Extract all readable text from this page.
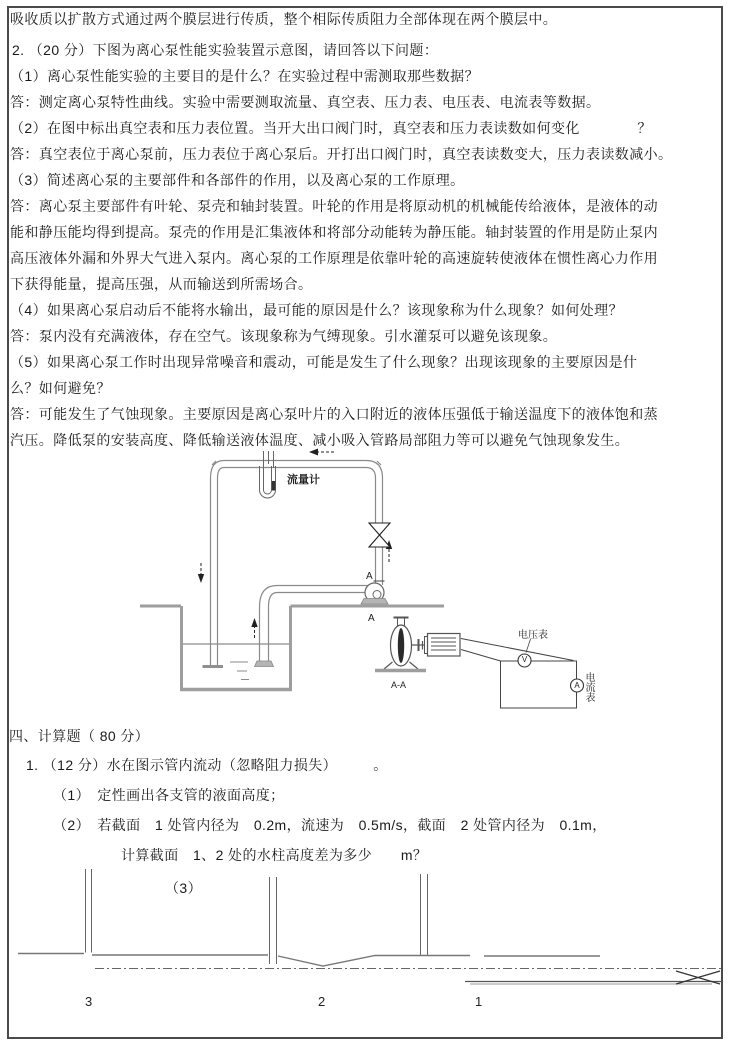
吸收质以扩散方式通过两个膜层进行传质，整个相际传质阻力全部体现在两个膜层中。
2. （20 分）下图为离心泵性能实验装置示意图，请回答以下问题：
（1）离心泵性能实验的主要目的是什么？在实验过程中需测取那些数据？
答：测定离心泵特性曲线。实验中需要测取流量、真空表、压力表、电压表、电流表等数据。
（2）在图中标出真空表和压力表位置。当开大出口阀门时，真空表和压力表读数如何变化　　　　？
答：真空表位于离心泵前，压力表位于离心泵后。开打出口阀门时，真空表读数变大，压力表读数减小。
（3）简述离心泵的主要部件和各部件的作用，以及离心泵的工作原理。
答：离心泵主要部件有叶轮、泵壳和轴封装置。叶轮的作用是将原动机的机械能传给液体，是液体的动
能和静压能均得到提高。泵壳的作用是汇集液体和将部分动能转为静压能。轴封装置的作用是防止泵内
高压液体外漏和外界大气进入泵内。离心泵的工作原理是依靠叶轮的高速旋转使液体在惯性离心力作用
下获得能量，提高压强，从而输送到所需场合。
（4）如果离心泵启动后不能将水输出，最可能的原因是什么？该现象称为什么现象？如何处理？
答：泵内没有充满液体，存在空气。该现象称为气缚现象。引水灌泵可以避免该现象。
（5）如果离心泵工作时出现异常噪音和震动，可能是发生了什么现象？出现该现象的主要原因是什
么？如何避免？
答：可能发生了气蚀现象。主要原因是离心泵叶片的入口附近的液体压强低于输送温度下的液体饱和蒸
汽压。降低泵的安装高度、降低输送液体温度、减小吸入管路局部阻力等可以避免气蚀现象发生。
四、计算题（ 80 分）
1. （12 分）水在图示管内流动（忽略阻力损失）　　　。
（1）　定性画出各支管的液面高度；
（2）　若截面　1 处管内径为　0.2m，流速为　0.5m/s，截面　2 处管内径为　0.1m，
计算截面　1、2 处的水柱高度差为多少　　m？
（3）
流量计
A
A
A-A
电压表
电流表
V
A
3	2	1
